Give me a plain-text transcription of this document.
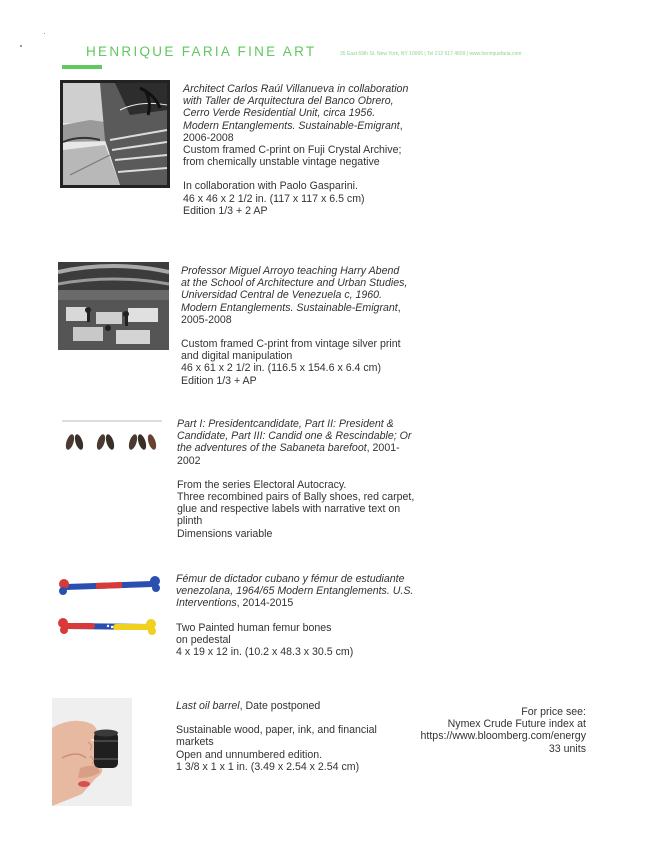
HENRIQUE FARIA FINE ART	35 East 69th St. New York, NY 10065 | Tel 212 517 4609 | www.henriquefaria.com

Architect Carlos Raúl Villanueva in collaboration with Taller de Arquitectura del Banco Obrero, Cerro Verde Residential Unit, circa 1956. Modern Entanglements. Sustainable-Emigrant, 2006-2008

Custom framed C-print on Fuji Crystal Archive; from chemically unstable vintage negative

In collaboration with Paolo Gasparini.

46 x 46 x 2 1/2 in. (117 x 117 x 6.5 cm)

Edition 1/3 + 2 AP

Professor Miguel Arroyo teaching Harry Abend at the School of Architecture and Urban Studies, Universidad Central de Venezuela c, 1960. Modern Entanglements. Sustainable-Emigrant, 2005-2008

Custom framed C-print from vintage silver print and digital manipulation

46 x 61 x 2 1/2 in. (116.5 x 154.6 x 6.4 cm)

Edition 1/3 + AP

Part I: Presidentcandidate, Part II: President & Candidate, Part III: Candid one & Rescindable; Or the adventures of the Sabaneta barefoot, 2001-2002

From the series Electoral Autocracy.

Three recombined pairs of Bally shoes, red carpet, glue and respective labels with narrative text on plinth

Dimensions variable

Fémur de dictador cubano y fémur de estudiante venezolana, 1964/65 Modern Entanglements. U.S. Interventions, 2014-2015

Two Painted human femur bones

on pedestal

4 x 19 x 12 in. (10.2 x 48.3 x 30.5 cm)

Last oil barrel, Date postponed

Sustainable wood, paper, ink, and financial markets

Open and unnumbered edition.

1 3/8 x 1 x 1 in. (3.49 x 2.54 x 2.54 cm)

For price see:

Nymex Crude Future index at

https://www.bloomberg.com/energy

33 units
